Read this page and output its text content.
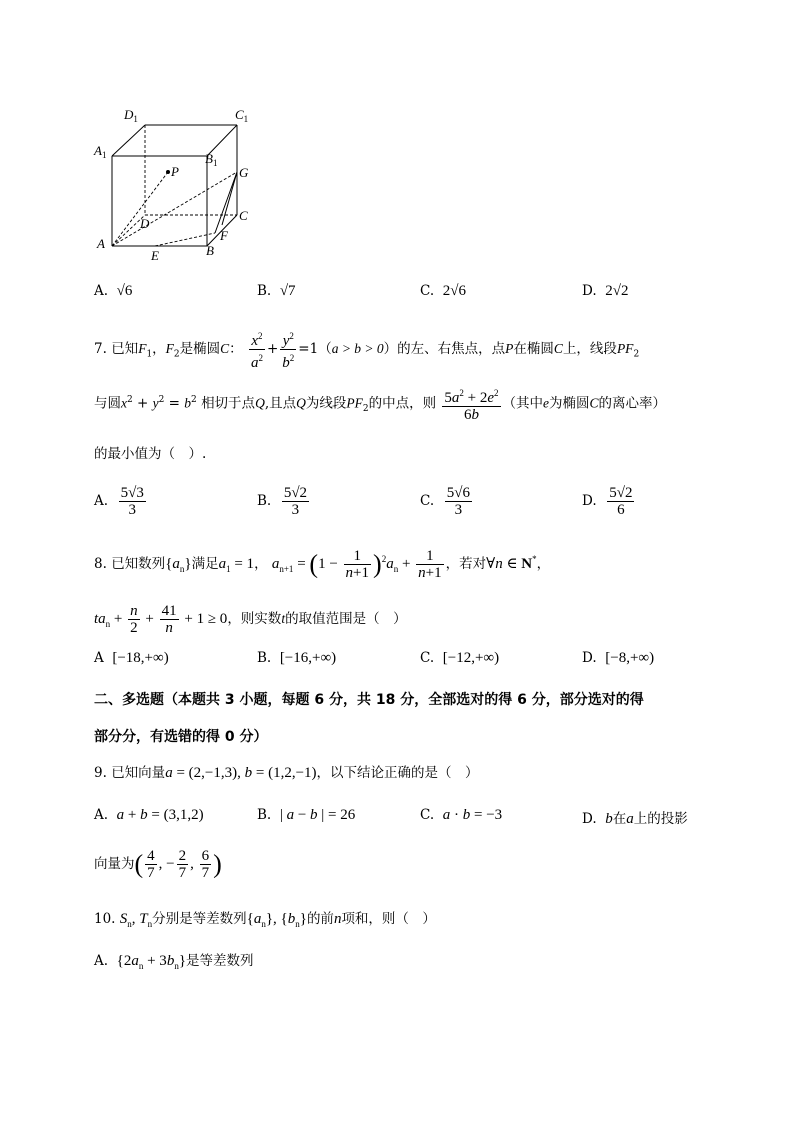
$D_1$	$C_1$
$A_1$	$B_1$
P	G
D
C
F
A
E	B
A. √6	B. √7	C. 2√6	D. 2√2
7. 已知$F_1$，$F_2$是椭圆C： $\frac{x^2}{a^2} + \frac{y^2}{b^2} =1(a > b > 0)$的左、右焦点，点P在椭圆C上，线段$PF_2$
与圆$x^2 + y^2 = b^2$ 相切于点Q,且点Q为线段$PF_2$的中点，则 $\frac{5a^2 + 2e^2}{6b}$ （其中e为椭圆C的离心率）
的最小值为（　）.
A. $\frac{5√3}{3}$	B. $\frac{5√2}{3}$	C. $\frac{5√6}{3}$	D. $\frac{5√2}{6}$
8. 已知数列$\{a_n\}$满足$a_1 = 1$， $a_{n+1} = (1 - \frac{1}{n+1} )^2a_n + \frac{1}{n+1}$ ，若对∀n ∈ N*，
$ta_n + \frac{n}{2} + \frac{41}{n} + 1 \ge 0$，则实数t的取值范围是（　）
A [−18,+∞)	B. [−16,+∞)	C. [−12,+∞)	D. [−8,+∞)
二、多选题（本题共 3 小题，每题 6 分，共 18 分，全部选对的得 6 分，部分选对的得
部分分，有选错的得 0 分）
9. 已知向量a = (2,−1,3), b = (1,2,−1)，以下结论正确的是（　）
A. a + b = (3,1,2)	B. | a − b | = 26	C. a · b = −3	D. b在a上的投影
向量为( $\frac{4}{7}$ , − $\frac{2}{7}$ , $\frac{6}{7}$ )
10. $S_n$, $T_n$分别是等差数列$\{a_n\}$, $\{b_n\}$的前n项和，则（　）
A. $\{2a_n + 3b_n\}$是等差数列
